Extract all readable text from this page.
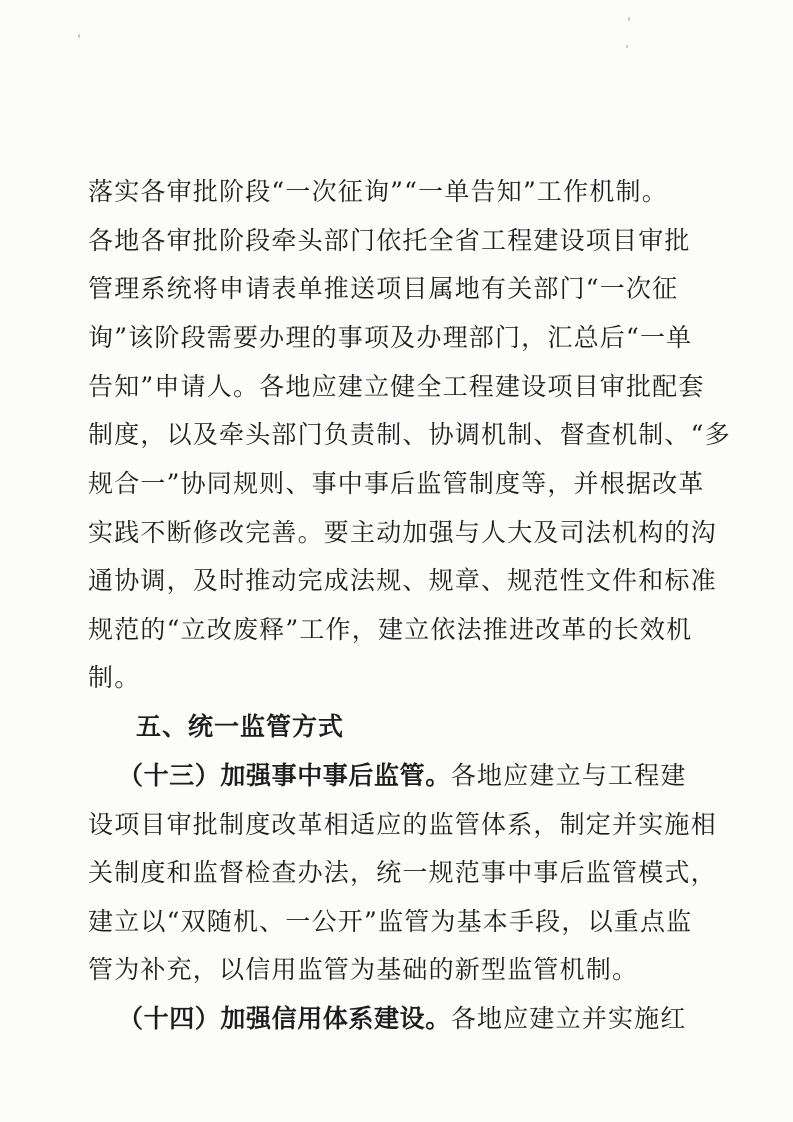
落实各审批阶段“一次征询”“一单告知”工作机制。
各地各审批阶段牵头部门依托全省工程建设项目审批
管理系统将申请表单推送项目属地有关部门“一次征
询”该阶段需要办理的事项及办理部门，汇总后“一单
告知”申请人。各地应建立健全工程建设项目审批配套
制度，以及牵头部门负责制、协调机制、督查机制、“多
规合一”协同规则、事中事后监管制度等，并根据改革
实践不断修改完善。要主动加强与人大及司法机构的沟
通协调，及时推动完成法规、规章、规范性文件和标准
规范的“立改废释”工作，建立依法推进改革的长效机
制。
五、统一监管方式
（十三）加强事中事后监管。各地应建立与工程建
设项目审批制度改革相适应的监管体系，制定并实施相
关制度和监督检查办法，统一规范事中事后监管模式，
建立以“双随机、一公开”监管为基本手段，以重点监
管为补充，以信用监管为基础的新型监管机制。
（十四）加强信用体系建设。各地应建立并实施红
